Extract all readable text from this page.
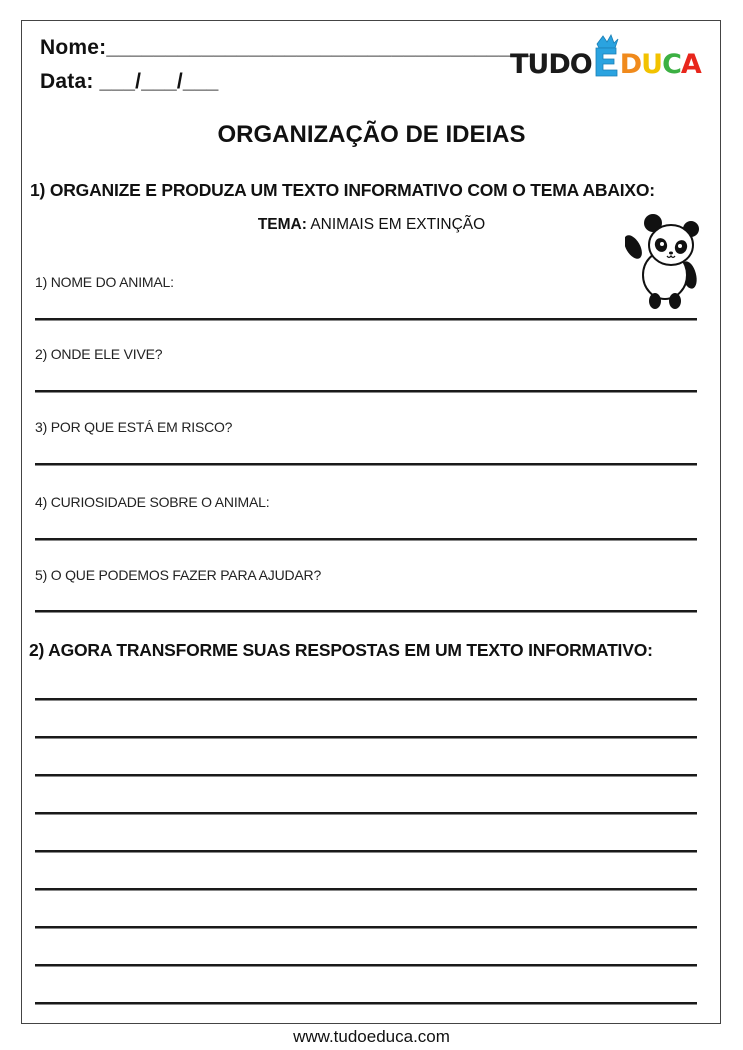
Nome:____________________________________
Data: ___/___/___
TUDO DUCA
ORGANIZAÇÃO DE IDEIAS
1) ORGANIZE E PRODUZA UM TEXTO INFORMATIVO COM O TEMA ABAIXO:
TEMA: ANIMAIS EM EXTINÇÃO
1) NOME DO ANIMAL:
2) ONDE ELE VIVE?
3) POR QUE ESTÁ EM RISCO?
4) CURIOSIDADE SOBRE O ANIMAL:
5) O QUE PODEMOS FAZER PARA AJUDAR?
2) AGORA TRANSFORME SUAS RESPOSTAS EM UM TEXTO INFORMATIVO:
www.tudoeduca.com
